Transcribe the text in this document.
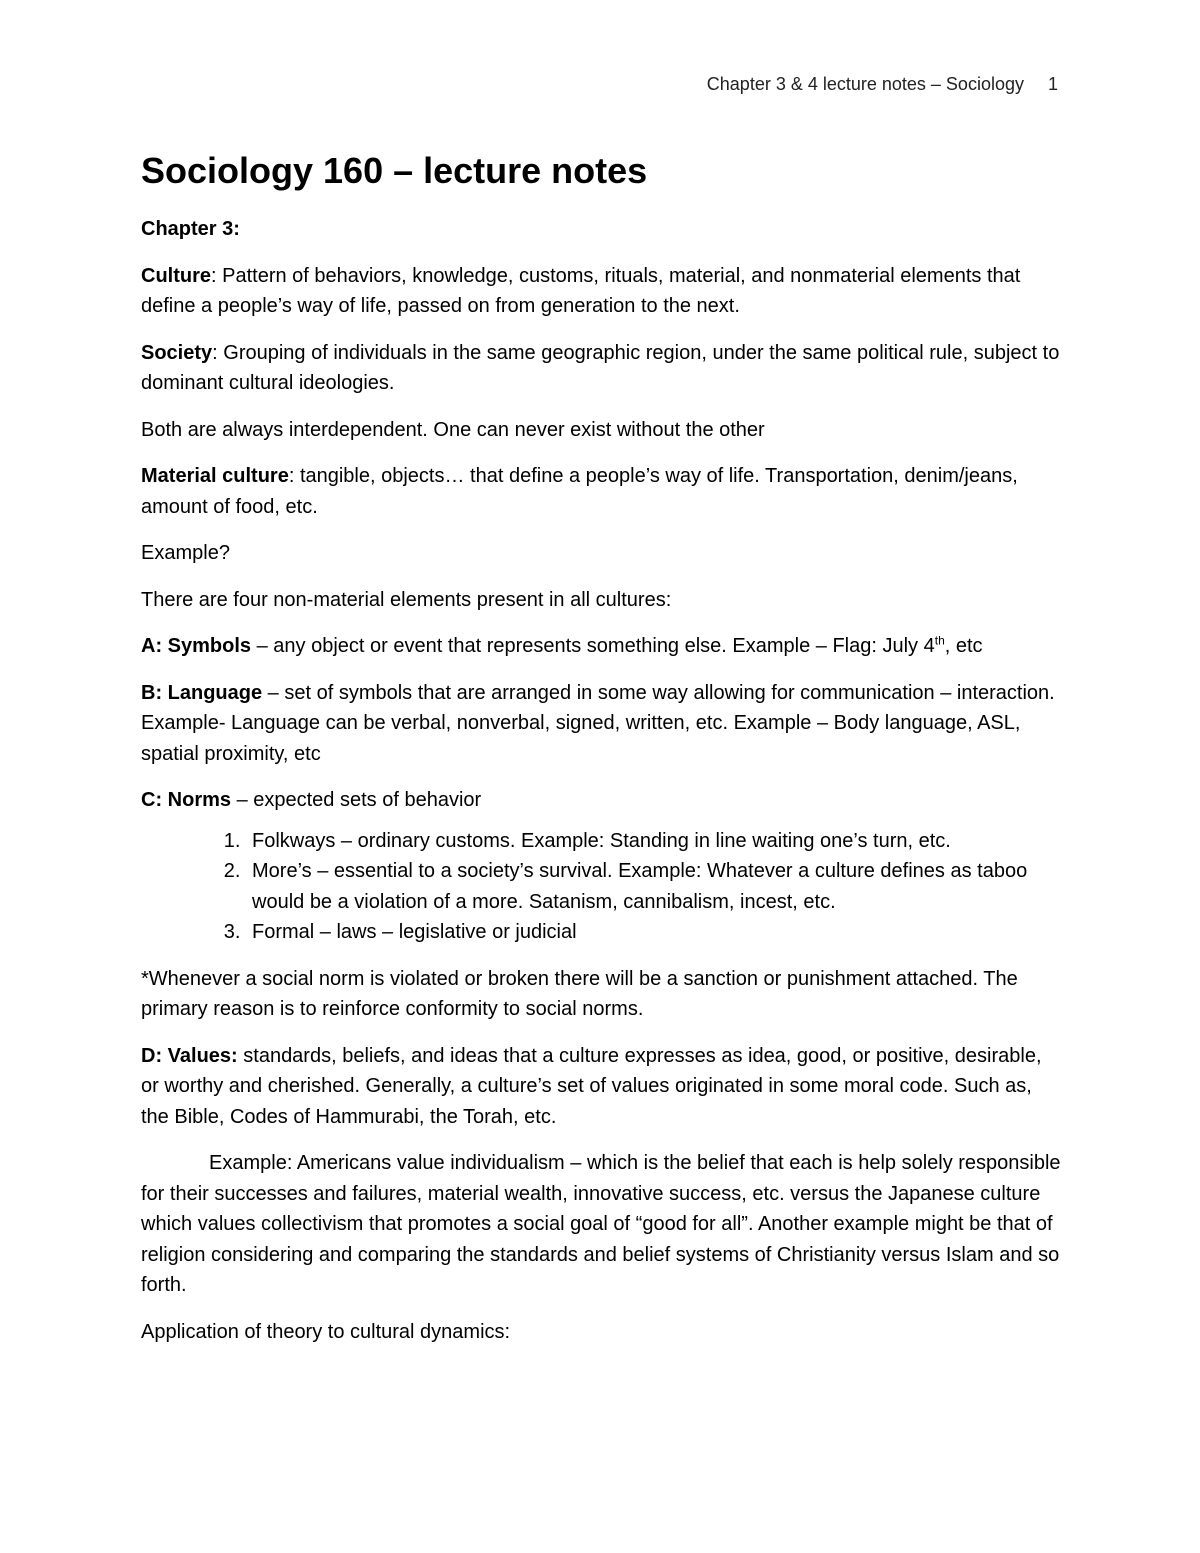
Chapter 3 & 4 lecture notes – Sociology 1
Sociology 160 – lecture notes

Chapter 3:

Culture: Pattern of behaviors, knowledge, customs, rituals, material, and nonmaterial elements that define a people’s way of life, passed on from generation to the next.

Society: Grouping of individuals in the same geographic region, under the same political rule, subject to dominant cultural ideologies.

Both are always interdependent. One can never exist without the other

Material culture: tangible, objects… that define a people’s way of life. Transportation, denim/jeans, amount of food, etc.

Example?

There are four non-material elements present in all cultures:

A: Symbols – any object or event that represents something else. Example – Flag: July 4th, etc

B: Language – set of symbols that are arranged in some way allowing for communication – interaction. Example- Language can be verbal, nonverbal, signed, written, etc. Example – Body language, ASL, spatial proximity, etc

C: Norms – expected sets of behavior

1. Folkways – ordinary customs. Example: Standing in line waiting one’s turn, etc.
2. More’s – essential to a society’s survival. Example: Whatever a culture defines as taboo would be a violation of a more. Satanism, cannibalism, incest, etc.
3. Formal – laws – legislative or judicial

*Whenever a social norm is violated or broken there will be a sanction or punishment attached. The primary reason is to reinforce conformity to social norms.

D: Values: standards, beliefs, and ideas that a culture expresses as idea, good, or positive, desirable, or worthy and cherished. Generally, a culture’s set of values originated in some moral code. Such as, the Bible, Codes of Hammurabi, the Torah, etc.

Example: Americans value individualism – which is the belief that each is help solely responsible for their successes and failures, material wealth, innovative success, etc. versus the Japanese culture which values collectivism that promotes a social goal of “good for all”. Another example might be that of religion considering and comparing the standards and belief systems of Christianity versus Islam and so forth.

Application of theory to cultural dynamics:
